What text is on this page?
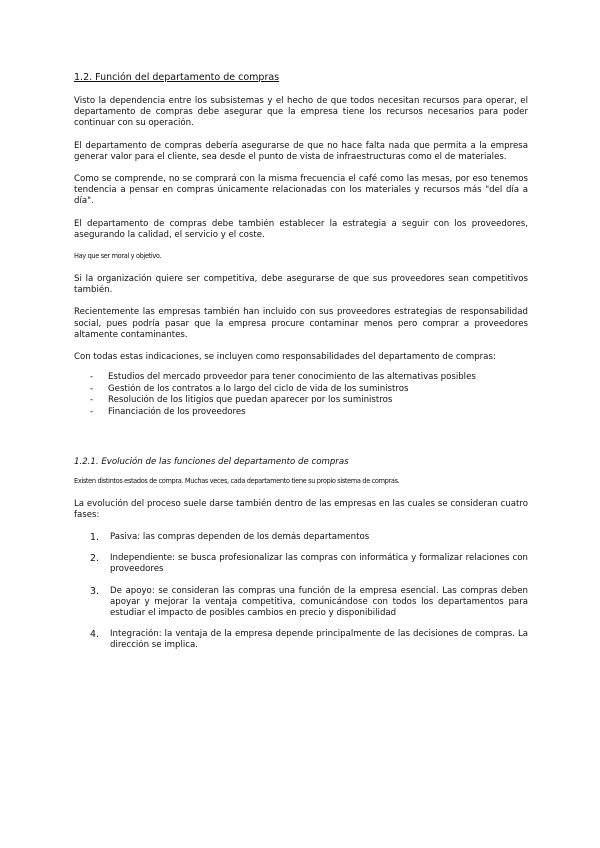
1.2. Función del departamento de compras

Visto la dependencia entre los subsistemas y el hecho de que todos necesitan recursos para operar, el departamento de compras debe asegurar que la empresa tiene los recursos necesarios para poder continuar con su operación.

El departamento de compras debería asegurarse de que no hace falta nada que permita a la empresa generar valor para el cliente, sea desde el punto de vista de infraestructuras como el de materiales.

Como se comprende, no se comprará con la misma frecuencia el café como las mesas, por eso tenemos tendencia a pensar en compras únicamente relacionadas con los materiales y recursos más "del día a día".

El departamento de compras debe también establecer la estrategia a seguir con los proveedores, asegurando la calidad, el servicio y el coste.

Hay que ser moral y objetivo.

Si la organización quiere ser competitiva, debe asegurarse de que sus proveedores sean competitivos también.

Recientemente las empresas también han incluido con sus proveedores estrategias de responsabilidad social, pues podría pasar que la empresa procure contaminar menos pero comprar a proveedores altamente contaminantes.

Con todas estas indicaciones, se incluyen como responsabilidades del departamento de compras:

- Estudios del mercado proveedor para tener conocimiento de las alternativas posibles
- Gestión de los contratos a lo largo del ciclo de vida de los suministros
- Resolución de los litigios que puedan aparecer por los suministros
- Financiación de los proveedores
1.2.1. Evolución de las funciones del departamento de compras

Existen distintos estados de compra. Muchas veces, cada departamento tiene su propio sistema de compras.

La evolución del proceso suele darse también dentro de las empresas en las cuales se consideran cuatro fases:

1. Pasiva: las compras dependen de los demás departamentos
2. Independiente: se busca profesionalizar las compras con informática y formalizar relaciones con proveedores
3. De apoyo: se consideran las compras una función de la empresa esencial. Las compras deben apoyar y mejorar la ventaja competitiva, comunicándose con todos los departamentos para estudiar el impacto de posibles cambios en precio y disponibilidad
4. Integración: la ventaja de la empresa depende principalmente de las decisiones de compras. La dirección se implica.
